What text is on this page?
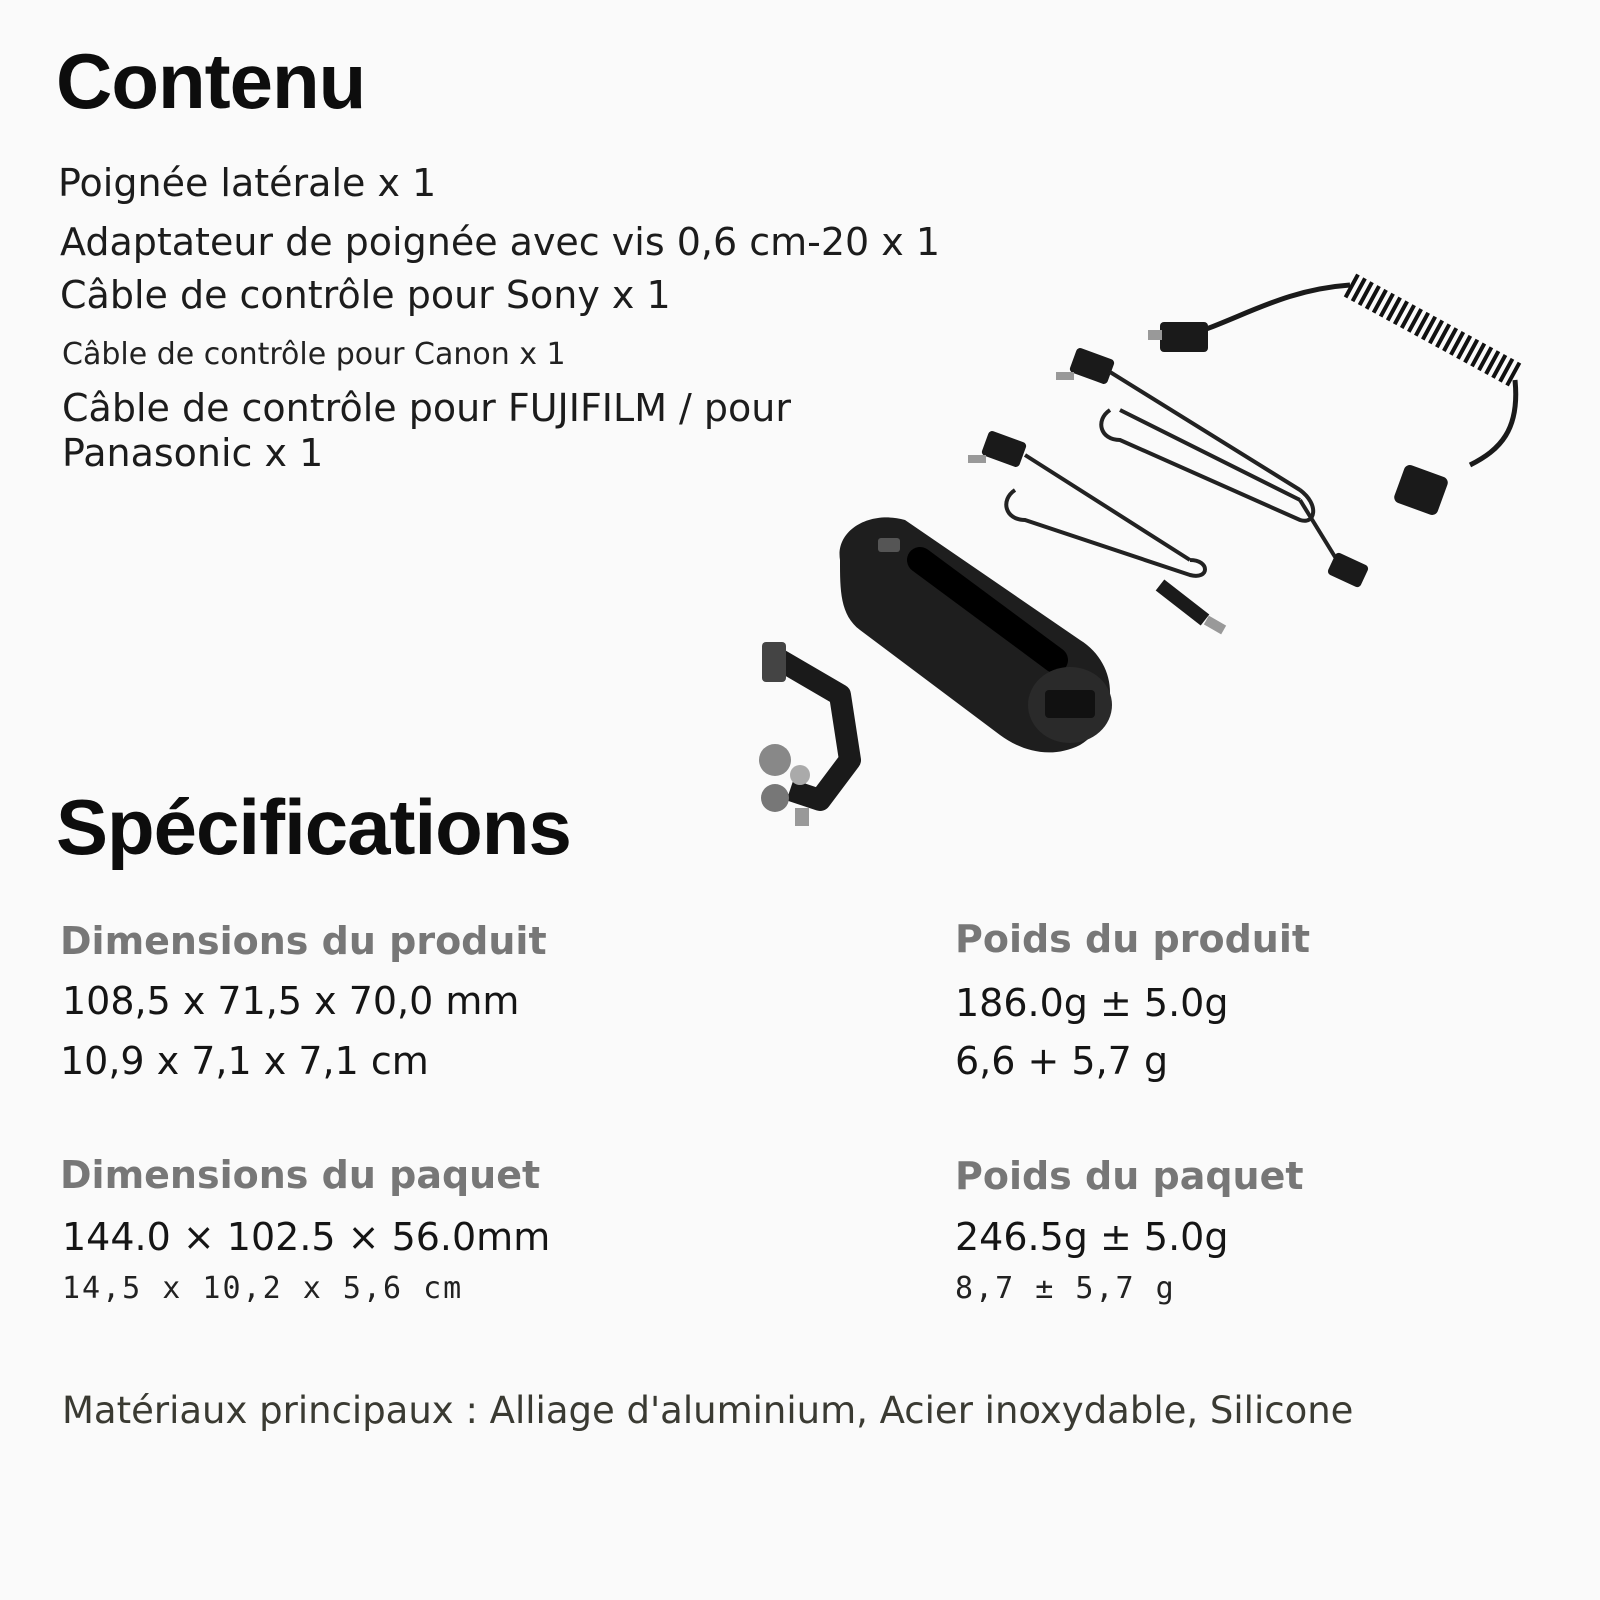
Contenu
Poignée latérale x 1
Adaptateur de poignée avec vis 0,6 cm-20 x 1
Câble de contrôle pour Sony x 1
Câble de contrôle pour Canon x 1
Câble de contrôle pour FUJIFILM / pour
Panasonic x 1
Spécifications
Dimensions du produit
108,5 x 71,5 x 70,0 mm
10,9 x 7,1 x 7,1 cm
Poids du produit
186.0g ± 5.0g
6,6 + 5,7 g
Dimensions du paquet
144.0 × 102.5 × 56.0mm
14,5 x 10,2 x 5,6 cm
Poids du paquet
246.5g ± 5.0g
8,7 ± 5,7 g
Matériaux principaux : Alliage d'aluminium, Acier inoxydable, Silicone
